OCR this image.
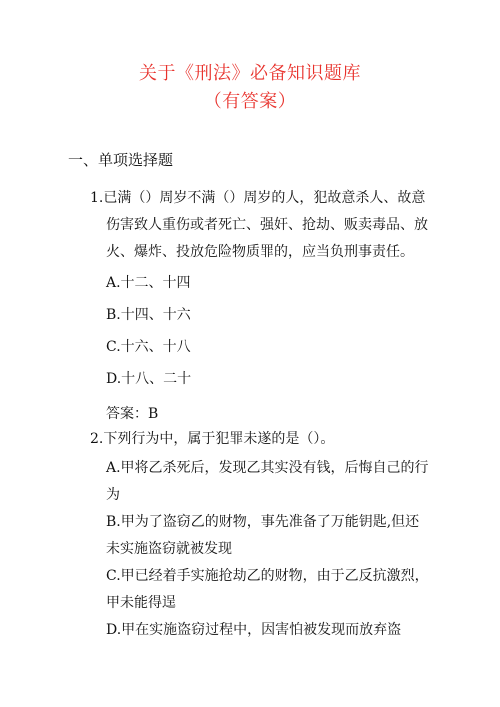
关于《刑法》必备知识题库
（有答案）
一、单项选择题
1.已满（）周岁不满（）周岁的人，犯故意杀人、故意
伤害致人重伤或者死亡、强奸、抢劫、贩卖毒品、放
火、爆炸、投放危险物质罪的，应当负刑事责任。
A.十二、十四
B.十四、十六
C.十六、十八
D.十八、二十
答案：B
2.下列行为中，属于犯罪未遂的是（）。
A.甲将乙杀死后，发现乙其实没有钱，后悔自己的行
为
B.甲为了盗窃乙的财物，事先准备了万能钥匙,但还
未实施盗窃就被发现
C.甲已经着手实施抢劫乙的财物，由于乙反抗激烈，
甲未能得逞
D.甲在实施盗窃过程中，因害怕被发现而放弃盗
